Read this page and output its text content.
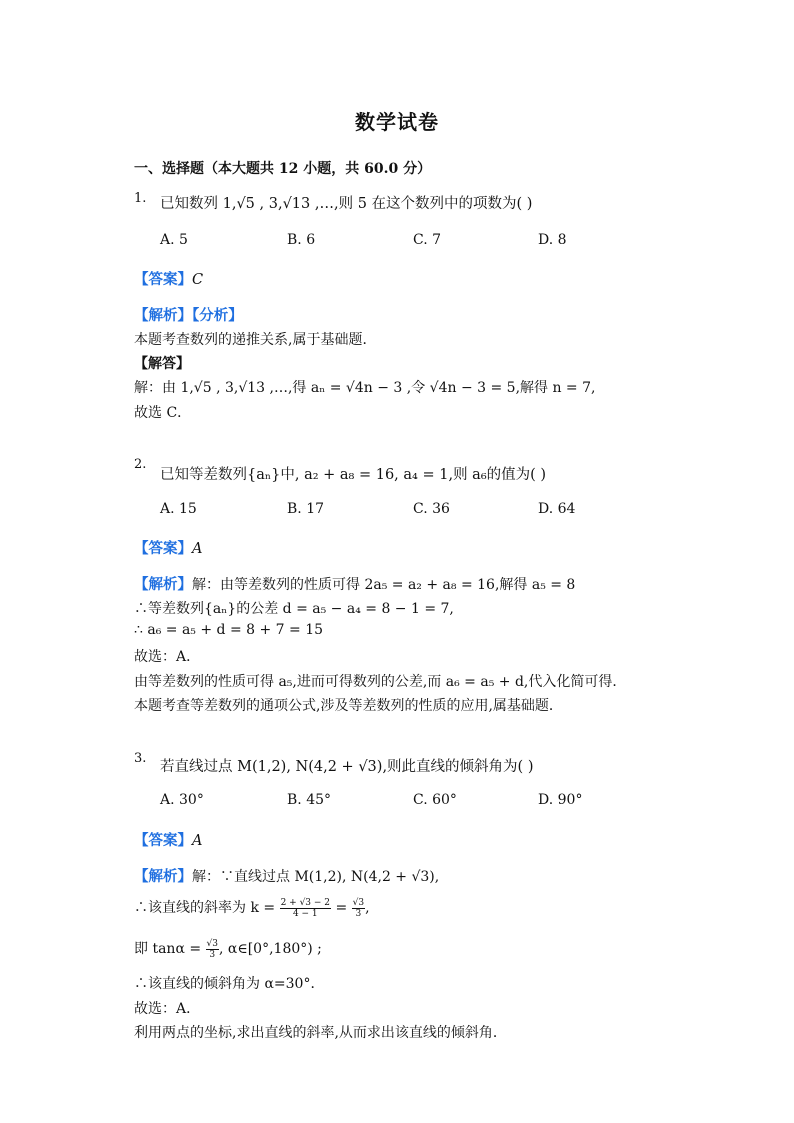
数学试卷
一、选择题（本大题共 12 小题，共 60.0 分）
1. 已知数列 1,√5 , 3,√13 ,…,则 5 在这个数列中的项数为( )
A. 5	B. 6	C. 7	D. 8
【答案】C
【解析】【分析】
本题考查数列的递推关系,属于基础题．
【解答】
解：由 1,√5 , 3,√13 ,…,得 aₙ = √4n − 3 ,令 √4n − 3 = 5,解得 n = 7,
故选 C．
2.
已知等差数列{aₙ}中, a₂ + a₈ = 16, a₄ = 1,则 a₆的值为( )
A. 15	B. 17	C. 36	D. 64
【答案】A
【解析】解：由等差数列的性质可得 2a₅ = a₂ + a₈ = 16,解得 a₅ = 8
∴等差数列{aₙ}的公差 d = a₅ − a₄ = 8 − 1 = 7,
∴ a₆ = a₅ + d = 8 + 7 = 15
故选：A．
由等差数列的性质可得 a₅,进而可得数列的公差,而 a₆ = a₅ + d,代入化简可得．
本题考查等差数列的通项公式,涉及等差数列的性质的应用,属基础题．
3.
若直线过点 M(1,2), N(4,2 + √3),则此直线的倾斜角为( )
A. 30°	B. 45°	C. 60°	D. 90°
【答案】A
【解析】解：∵直线过点 M(1,2), N(4,2 + √3),
∴该直线的斜率为 $k = \frac{2 + √3 - 2}{4 - 1} = \frac{√3}{3}$ ,
即 $\tan\alpha = \frac{√3}{3}$ , α∈[0°,180°) ;
∴该直线的倾斜角为 α=30°．
故选：A．
利用两点的坐标,求出直线的斜率,从而求出该直线的倾斜角．
